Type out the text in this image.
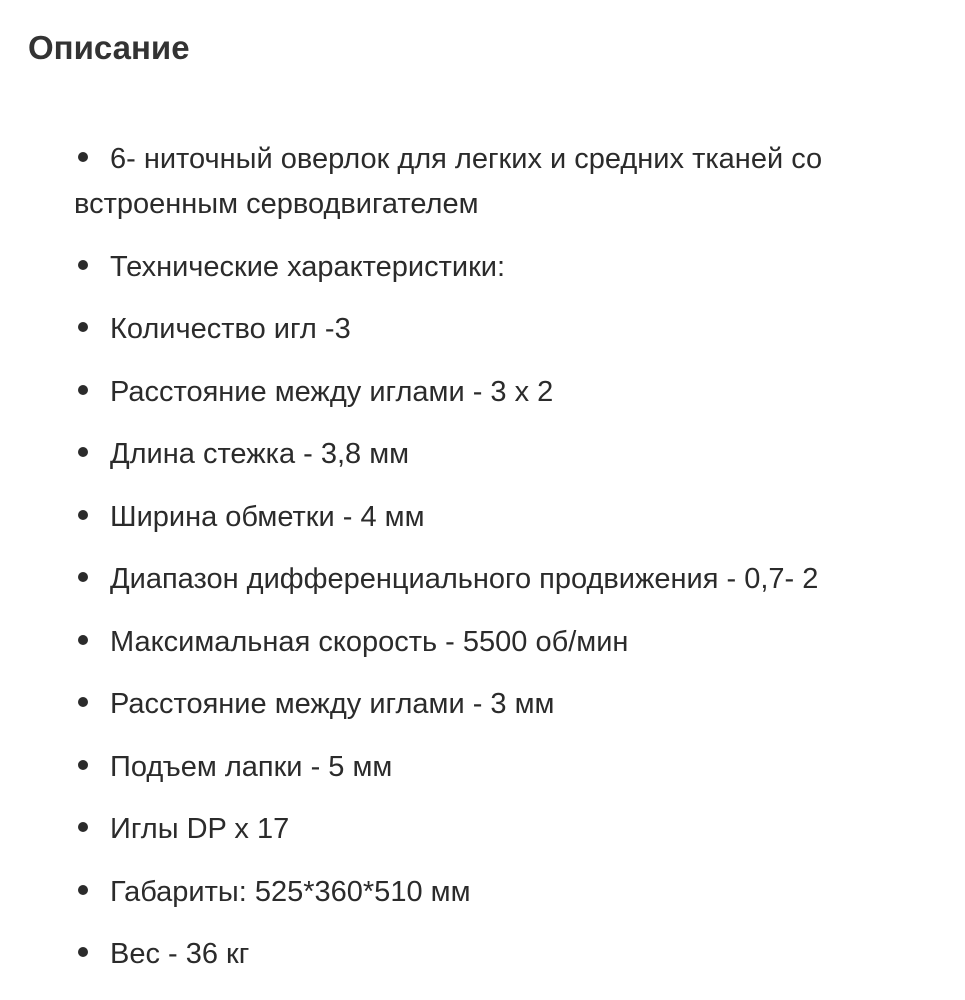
Описание
6- ниточный оверлок для легких и средних тканей со встроенным серводвигателем
Технические характеристики:
Количество игл -3
Расстояние между иглами - 3 х 2
Длина стежка - 3,8 мм
Ширина обметки - 4 мм
Диапазон дифференциального продвижения - 0,7- 2
Максимальная скорость - 5500 об/мин
Расстояние между иглами - 3 мм
Подъем лапки - 5 мм
Иглы DP х 17
Габариты: 525*360*510 мм
Вес - 36 кг
